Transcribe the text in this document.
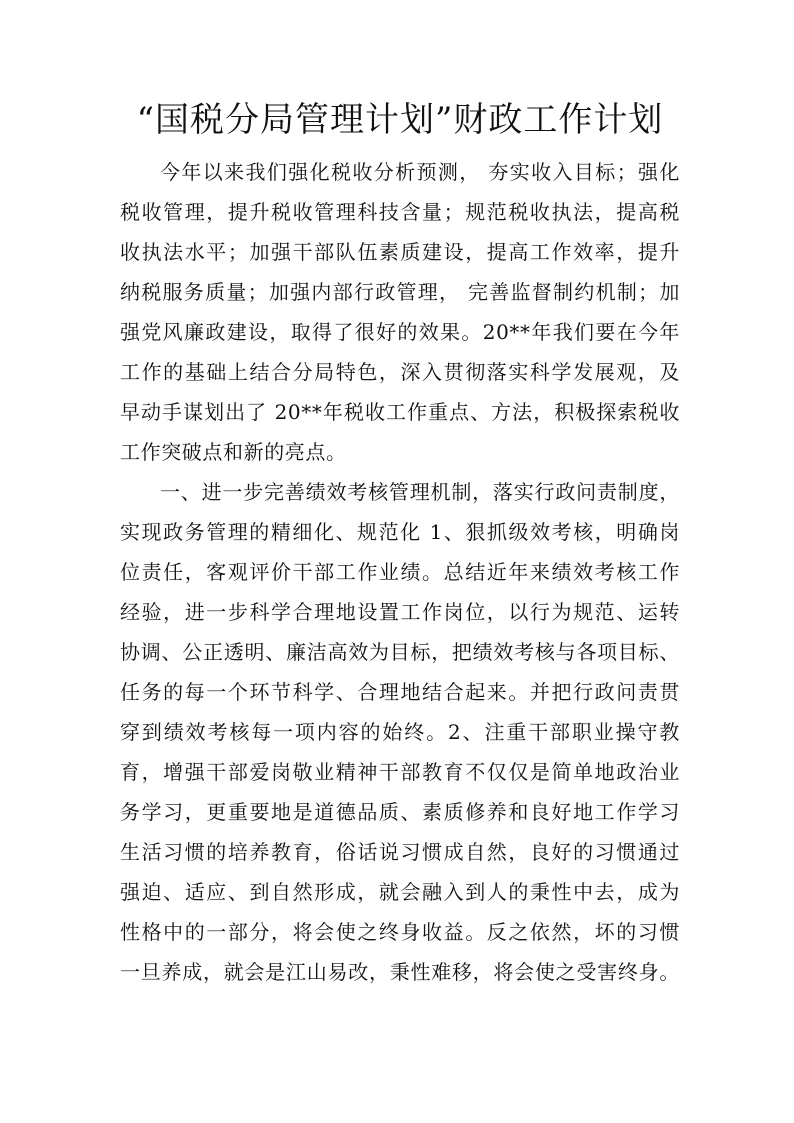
“国税分局管理计划”财政工作计划

今年以来我们强化税收分析预测， 夯实收入目标；强化
税收管理，提升税收管理科技含量；规范税收执法，提高税
收执法水平；加强干部队伍素质建设，提高工作效率，提升
纳税服务质量；加强内部行政管理， 完善监督制约机制；加
强党风廉政建设，取得了很好的效果。20**年我们要在今年
工作的基础上结合分局特色，深入贯彻落实科学发展观，及
早动手谋划出了 20**年税收工作重点、方法，积极探索税收
工作突破点和新的亮点。

一、进一步完善绩效考核管理机制，落实行政问责制度，
实现政务管理的精细化、规范化 1、狠抓级效考核，明确岗
位责任，客观评价干部工作业绩。总结近年来绩效考核工作
经验，进一步科学合理地设置工作岗位，以行为规范、运转
协调、公正透明、廉洁高效为目标，把绩效考核与各项目标、
任务的每一个环节科学、合理地结合起来。并把行政问责贯
穿到绩效考核每一项内容的始终。2、注重干部职业操守教
育，增强干部爱岗敬业精神干部教育不仅仅是简单地政治业
务学习，更重要地是道德品质、素质修养和良好地工作学习
生活习惯的培养教育，俗话说习惯成自然，良好的习惯通过
强迫、适应、到自然形成，就会融入到人的秉性中去，成为
性格中的一部分，将会使之终身收益。反之依然，坏的习惯
一旦养成，就会是江山易改，秉性难移，将会使之受害终身。
